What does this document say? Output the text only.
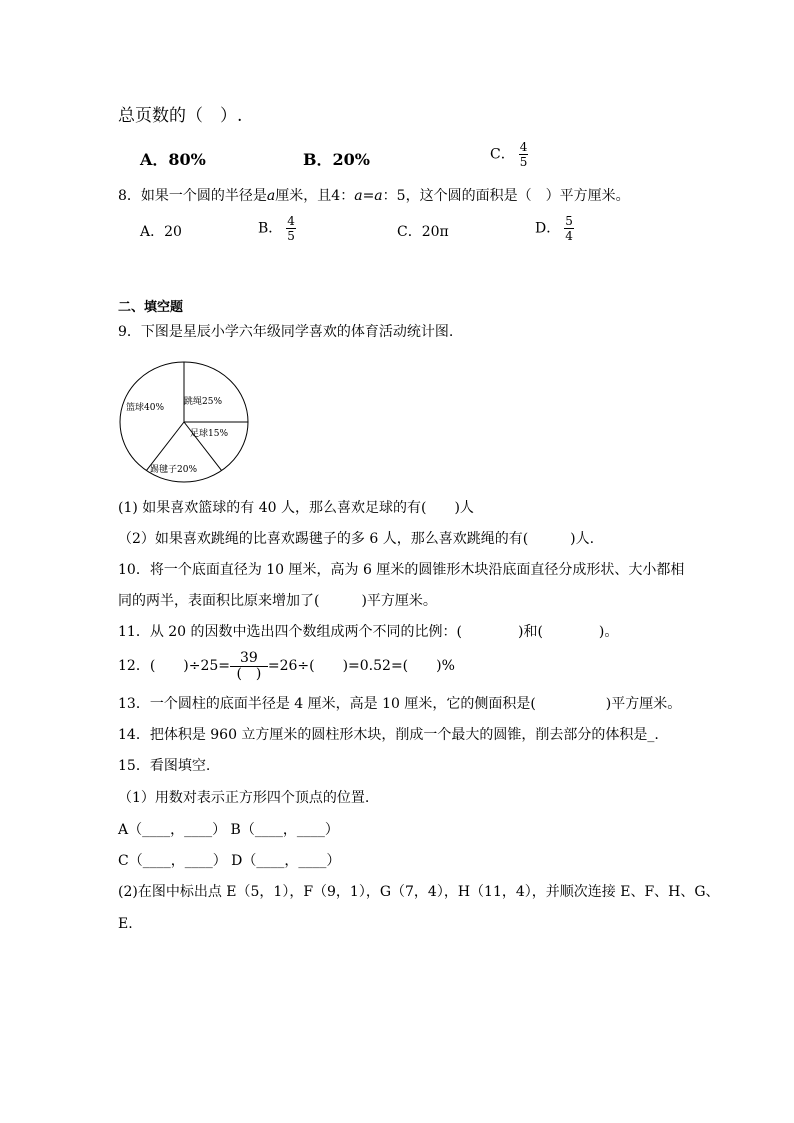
总页数的（　）.
A．80%	B．20%	C． $\frac{4}{5}$
8．如果一个圆的半径是a厘米，且4：a=a：5，这个圆的面积是（　）平方厘米。
A．20	B． $\frac{4}{5}$	C．20π	D． $\frac{5}{4}$
二、填空题
9．下图是星辰小学六年级同学喜欢的体育活动统计图.
篮球40%
跳绳25%
足球15%
踢毽子20%
(1) 如果喜欢篮球的有 40 人，那么喜欢足球的有(　　)人
（2）如果喜欢跳绳的比喜欢踢毽子的多 6 人，那么喜欢跳绳的有(　　　)人.
10．将一个底面直径为 10 厘米，高为 6 厘米的圆锥形木块沿底面直径分成形状、大小都相
同的两半，表面积比原来增加了(　　　)平方厘米。
11．从 20 的因数中选出四个数组成两个不同的比例：(　　　　)和(　　　　)。
12．(　　)$\div 25= \frac{39}{( )} =26\div$(　　)=0.52=(　　)%
13．一个圆柱的底面半径是 4 厘米，高是 10 厘米，它的侧面积是(　　　　　)平方厘米。
14．把体积是 960 立方厘米的圆柱形木块，削成一个最大的圆锥，削去部分的体积是_.
15．看图填空.
（1）用数对表示正方形四个顶点的位置.
A（____，____） B（____，____）
C（____，____） D（____，____）
(2)在图中标出点 E（5，1），F（9，1），G（7，4），H（11，4），并顺次连接 E、F、H、G、
E.
